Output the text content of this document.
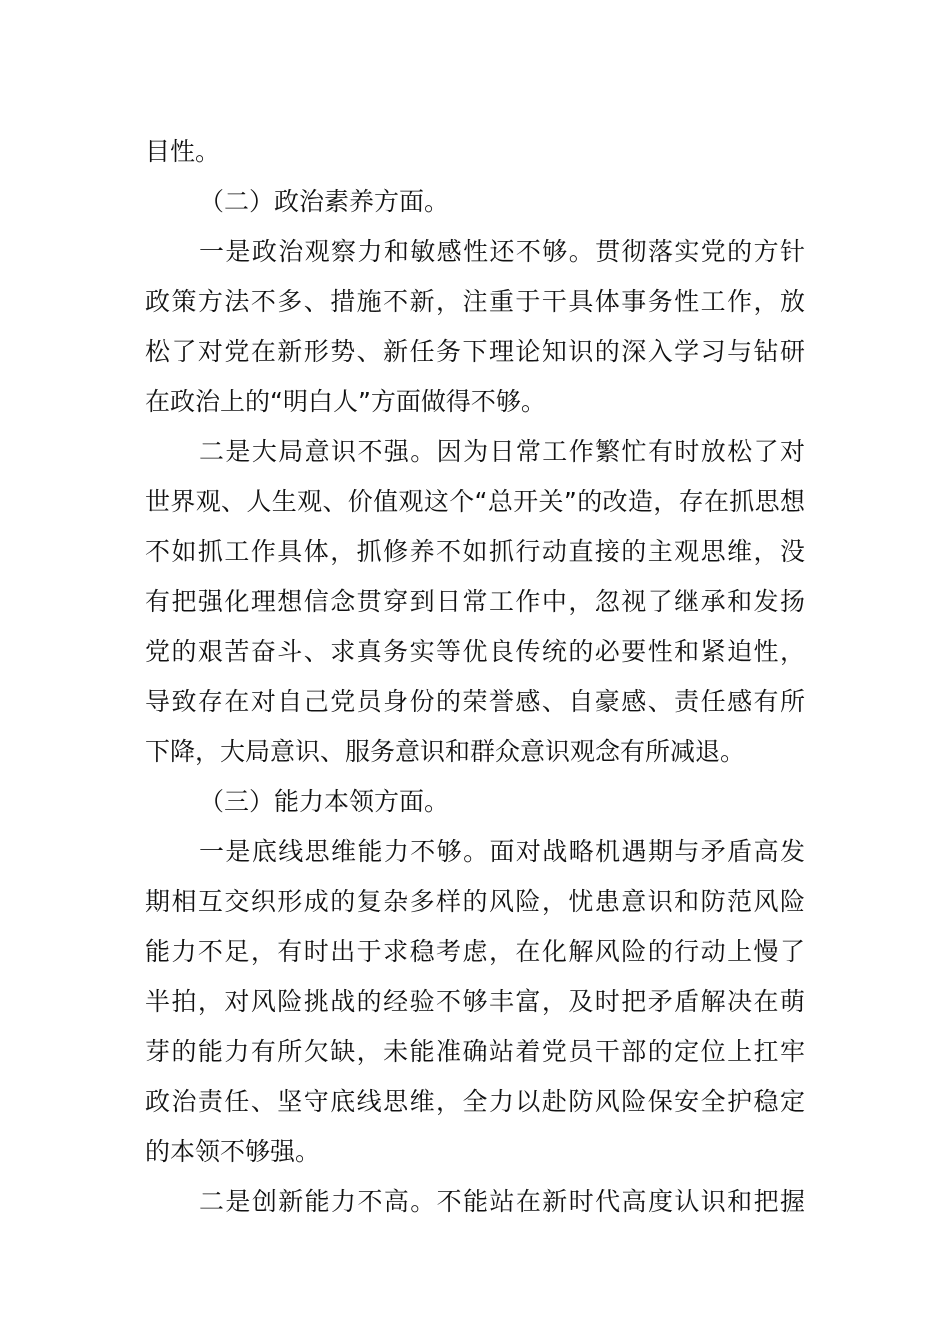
目性。
（二）政治素养方面。
一是政治观察力和敏感性还不够。贯彻落实党的方针
政策方法不多、措施不新，注重于干具体事务性工作，放
松了对党在新形势、新任务下理论知识的深入学习与钻研
在政治上的“明白人”方面做得不够。
二是大局意识不强。因为日常工作繁忙有时放松了对
世界观、人生观、价值观这个“总开关”的改造，存在抓思想
不如抓工作具体，抓修养不如抓行动直接的主观思维，没
有把强化理想信念贯穿到日常工作中，忽视了继承和发扬
党的艰苦奋斗、求真务实等优良传统的必要性和紧迫性，
导致存在对自己党员身份的荣誉感、自豪感、责任感有所
下降，大局意识、服务意识和群众意识观念有所减退。
（三）能力本领方面。
一是底线思维能力不够。面对战略机遇期与矛盾高发
期相互交织形成的复杂多样的风险，忧患意识和防范风险
能力不足，有时出于求稳考虑，在化解风险的行动上慢了
半拍，对风险挑战的经验不够丰富，及时把矛盾解决在萌
芽的能力有所欠缺，未能准确站着党员干部的定位上扛牢
政治责任、坚守底线思维，全力以赴防风险保安全护稳定
的本领不够强。
二是创新能力不高。不能站在新时代高度认识和把握
